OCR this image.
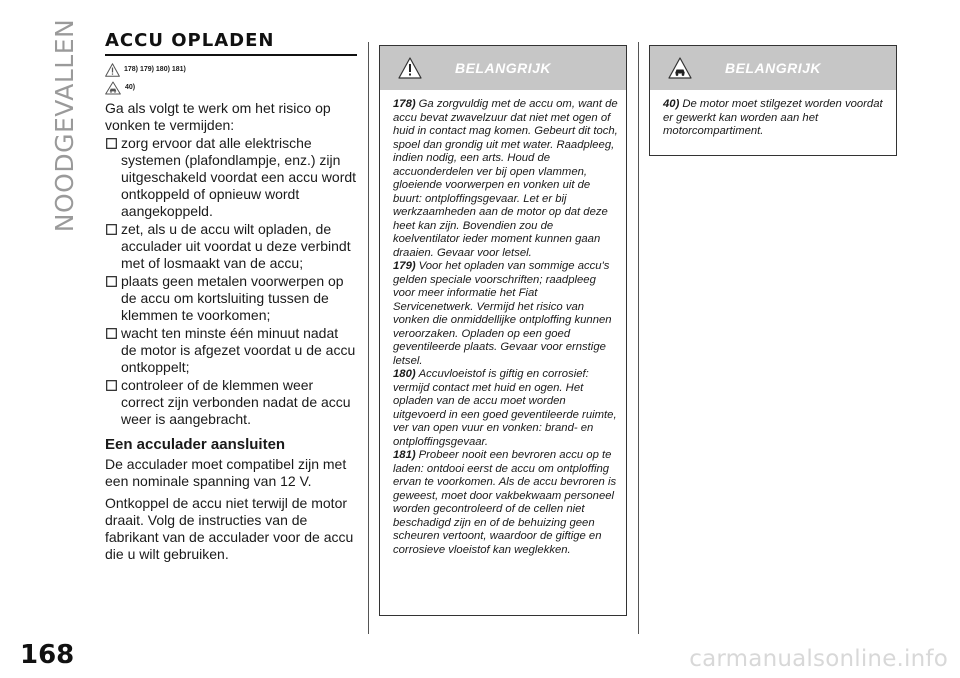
NOODGEVALLEN
168
ACCU OPLADEN
178) 179) 180) 181)
40)
Ga als volgt te werk om het risico op vonken te vermijden:
zorg ervoor dat alle elektrische systemen (plafondlampje, enz.) zijn uitgeschakeld voordat een accu wordt ontkoppeld of opnieuw wordt aangekoppeld.
zet, als u de accu wilt opladen, de acculader uit voordat u deze verbindt met of losmaakt van de accu;
plaats geen metalen voorwerpen op de accu om kortsluiting tussen de klemmen te voorkomen;
wacht ten minste één minuut nadat de motor is afgezet voordat u de accu ontkoppelt;
controleer of de klemmen weer correct zijn verbonden nadat de accu weer is aangebracht.
Een acculader aansluiten
De acculader moet compatibel zijn met een nominale spanning van 12 V.
Ontkoppel de accu niet terwijl de motor draait. Volg de instructies van de fabrikant van de acculader voor de accu die u wilt gebruiken.
BELANGRIJK

178) Ga zorgvuldig met de accu om, want de accu bevat zwavelzuur dat niet met ogen of huid in contact mag komen. Gebeurt dit toch, spoel dan grondig uit met water. Raadpleeg, indien nodig, een arts. Houd de accuonderdelen ver bij open vlammen, gloeiende voorwerpen en vonken uit de buurt: ontploffingsgevaar. Let er bij werkzaamheden aan de motor op dat deze heet kan zijn. Bovendien zou de koelventilator ieder moment kunnen gaan draaien. Gevaar voor letsel.

179) Voor het opladen van sommige accu's gelden speciale voorschriften; raadpleeg voor meer informatie het Fiat Servicenetwerk. Vermijd het risico van vonken die onmiddellijke ontploffing kunnen veroorzaken. Opladen op een goed geventileerde plaats. Gevaar voor ernstige letsel.

180) Accuvloeistof is giftig en corrosief: vermijd contact met huid en ogen. Het opladen van de accu moet worden uitgevoerd in een goed geventileerde ruimte, ver van open vuur en vonken: brand- en ontploffingsgevaar.

181) Probeer nooit een bevroren accu op te laden: ontdooi eerst de accu om ontploffing ervan te voorkomen. Als de accu bevroren is geweest, moet door vakbekwaam personeel worden gecontroleerd of de cellen niet beschadigd zijn en of de behuizing geen scheuren vertoont, waardoor de giftige en corrosieve vloeistof kan weglekken.

BELANGRIJK

40) De motor moet stilgezet worden voordat er gewerkt kan worden aan het motorcompartiment.

carmanualsonline.info
